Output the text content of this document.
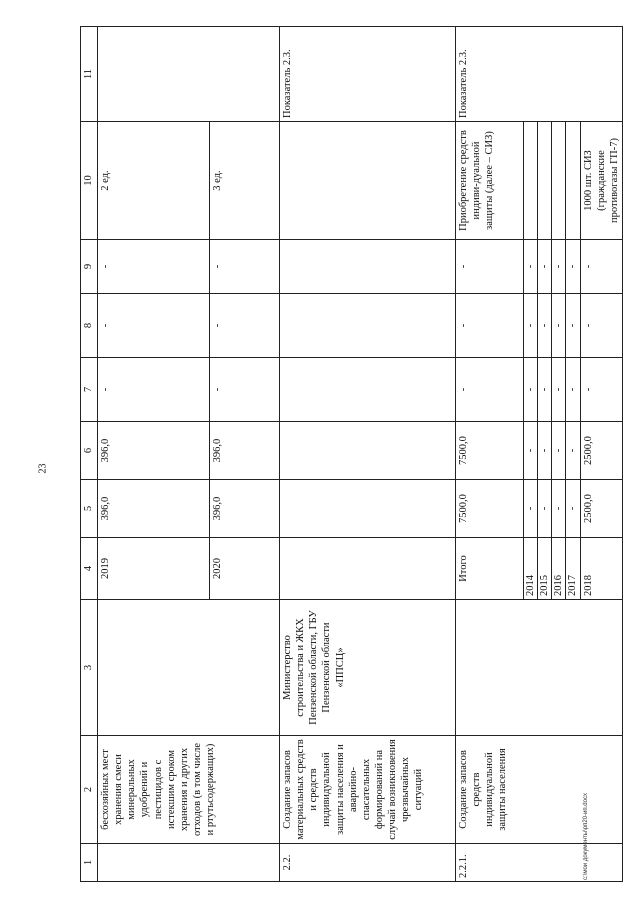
23
1	2	3	4	5	6	7	8	9	10	11
	бесхозяйных мест хранения смеси минеральных удобрений и пестицидов с истекшим сроком хранения и других отходов (в том числе и ртутьсодержащих)		2019	396,0	396,0	-	-	-	2 ед.	
			2020	396,0	396,0	-	-	-	3 ед.	
2.2.	Создание запасов материальных средств и средств индивидуальной защиты населения и аварийно-спасательных формирований на случай возникновения чрезвычайных ситуаций	Министерство строительства и ЖКХ Пензенской области, ГБУ Пензенской области «ППСЦ»								Показатель 2.3.
2.2.1.	Создание запасов средств индивидуальной защиты населения		Итого	7500,0	7500,0	-	-	-	Приобретение средств индиви-дуальной защиты (далее – СИЗ)	Показатель 2.3.
			2014	-	-	-	-	-		
			2015	-	-	-	-	-		
			2016	-	-	-	-	-		
			2017	-	-	-	-	-		
			2018	2500,0	2500,0	-	-	-	1000 шт. СИЗ (гражданские противогазы ГП-7)	
c:\мои документы\рп20-ип.docx
